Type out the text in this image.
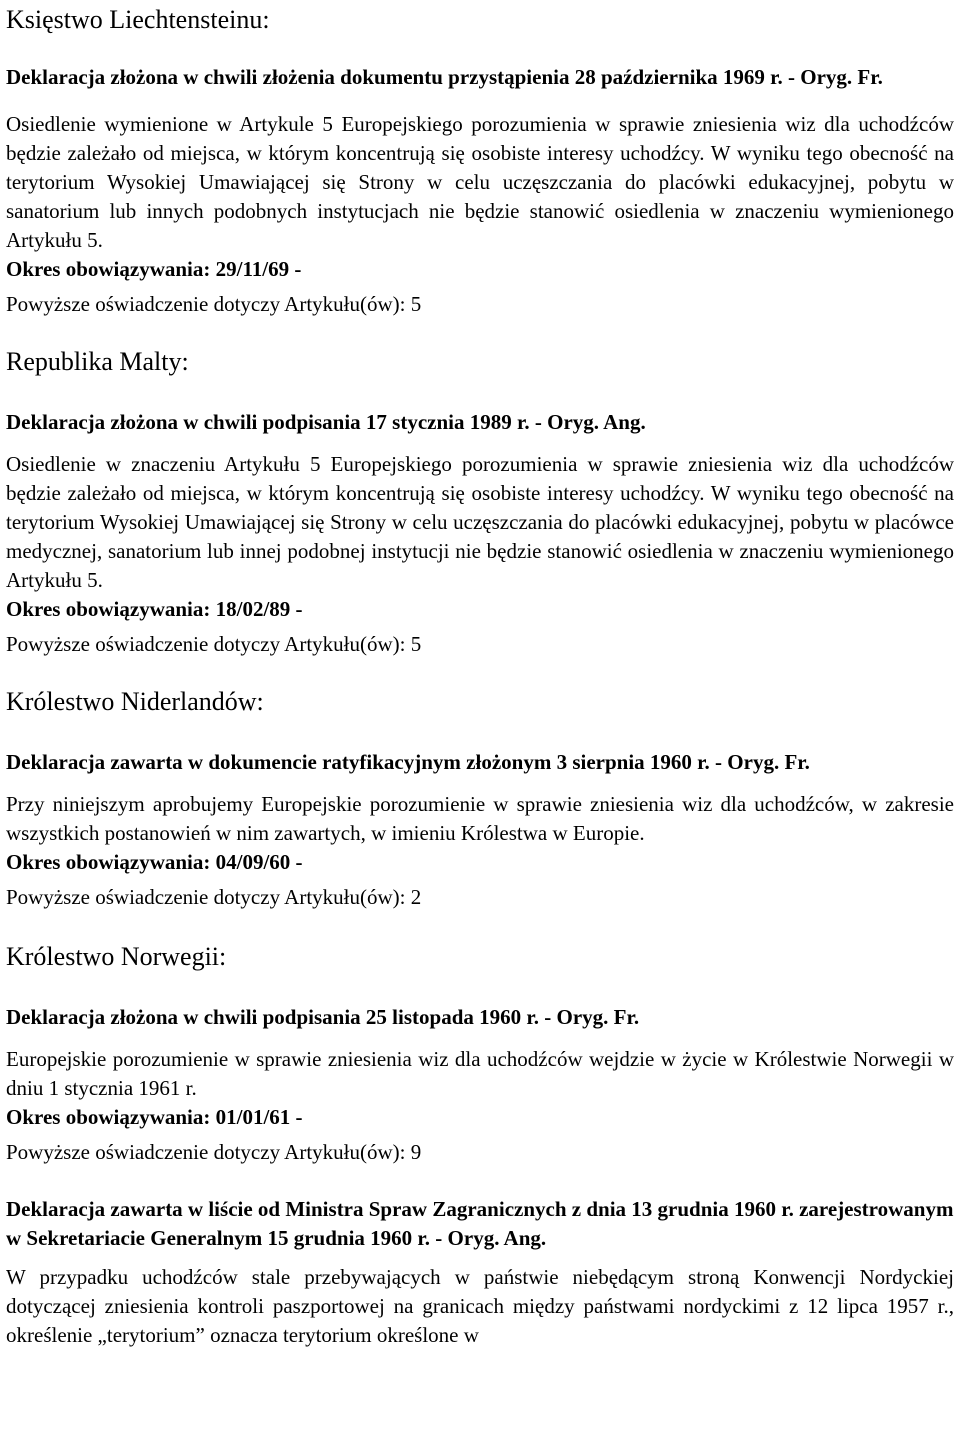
Księstwo Liechtensteinu:

Deklaracja złożona w chwili złożenia dokumentu przystąpienia 28 października 1969 r. - Oryg. Fr.

Osiedlenie wymienione w Artykule 5 Europejskiego porozumienia w sprawie zniesienia wiz dla uchodźców będzie zależało od miejsca, w którym koncentrują się osobiste interesy uchodźcy. W wyniku tego obecność na terytorium Wysokiej Umawiającej się Strony w celu uczęszczania do placówki edukacyjnej, pobytu w sanatorium lub innych podobnych instytucjach nie będzie stanowić osiedlenia w znaczeniu wymienionego Artykułu 5.

Okres obowiązywania: 29/11/69 -

Powyższe oświadczenie dotyczy Artykułu(ów): 5

Republika Malty:

Deklaracja złożona w chwili podpisania 17 stycznia 1989 r. - Oryg. Ang.

Osiedlenie w znaczeniu Artykułu 5 Europejskiego porozumienia w sprawie zniesienia wiz dla uchodźców będzie zależało od miejsca, w którym koncentrują się osobiste interesy uchodźcy. W wyniku tego obecność na terytorium Wysokiej Umawiającej się Strony w celu uczęszczania do placówki edukacyjnej, pobytu w placówce medycznej, sanatorium lub innej podobnej instytucji nie będzie stanowić osiedlenia w znaczeniu wymienionego Artykułu 5.

Okres obowiązywania: 18/02/89 -

Powyższe oświadczenie dotyczy Artykułu(ów): 5

Królestwo Niderlandów:

Deklaracja zawarta w dokumencie ratyfikacyjnym złożonym 3 sierpnia 1960 r. - Oryg. Fr.

Przy niniejszym aprobujemy Europejskie porozumienie w sprawie zniesienia wiz dla uchodźców, w zakresie wszystkich postanowień w nim zawartych, w imieniu Królestwa w Europie.

Okres obowiązywania: 04/09/60 -

Powyższe oświadczenie dotyczy Artykułu(ów): 2

Królestwo Norwegii:

Deklaracja złożona w chwili podpisania 25 listopada 1960 r. - Oryg. Fr.

Europejskie porozumienie w sprawie zniesienia wiz dla uchodźców wejdzie w życie w Królestwie Norwegii w dniu 1 stycznia 1961 r.

Okres obowiązywania: 01/01/61 -

Powyższe oświadczenie dotyczy Artykułu(ów): 9

Deklaracja zawarta w liście od Ministra Spraw Zagranicznych z dnia 13 grudnia 1960 r. zarejestrowanym w Sekretariacie Generalnym 15 grudnia 1960 r. - Oryg. Ang.

W przypadku uchodźców stale przebywających w państwie niebędącym stroną Konwencji Nordyckiej dotyczącej zniesienia kontroli paszportowej na granicach między państwami nordyckimi z 12 lipca 1957 r., określenie „terytorium” oznacza terytorium określone w
